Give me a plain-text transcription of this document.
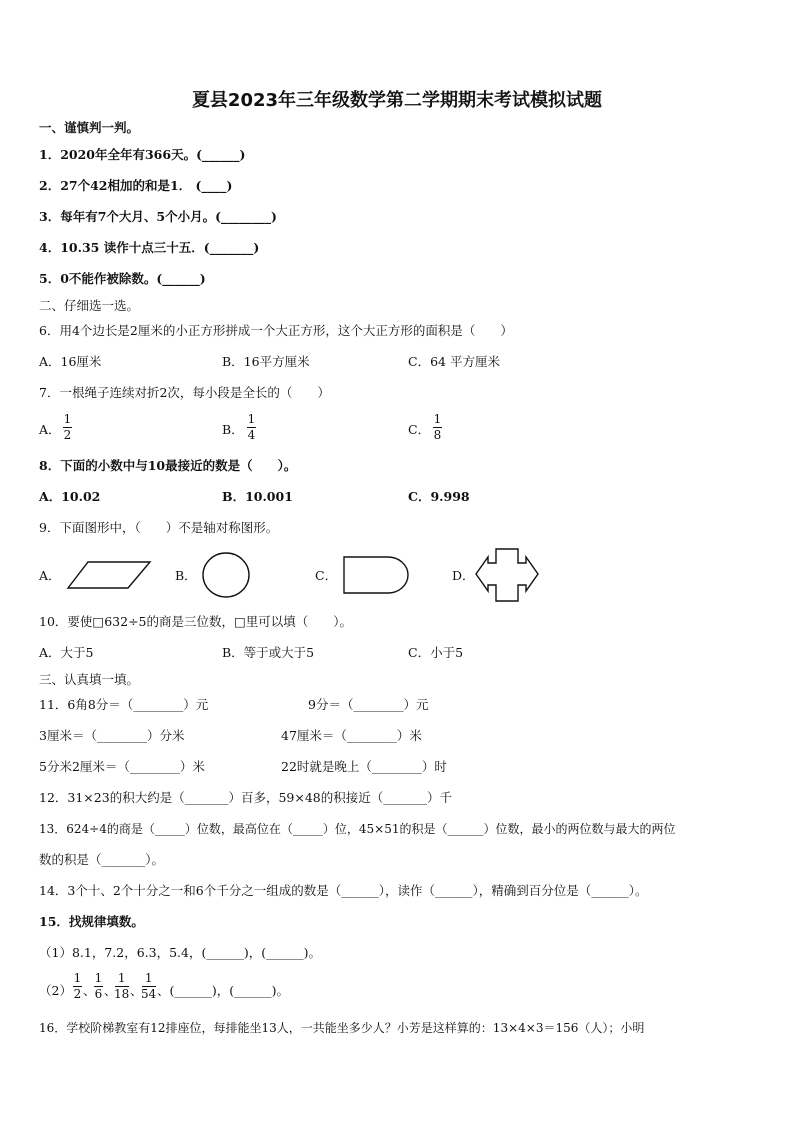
夏县2023年三年级数学第二学期期末考试模拟试题
一、谨慎判一判。
1．2020年全年有366天。(______)
2．27个42相加的和是1． (____)
3．每年有7个大月、5个小月。(________)
4．10.35 读作十点三十五．(_______)
5．0不能作被除数。(______)
二、仔细选一选。
6．用4个边长是2厘米的小正方形拼成一个大正方形，这个大正方形的面积是（　　）
A．16厘米	B．16平方厘米	C．64 平方厘米
7．一根绳子连续对折2次，每小段是全长的（　　）
A．
1
2	B．
1
4	C．
1
8
8．下面的小数中与10最接近的数是（　　）。
A．10.02	B．10.001	C．9.998
9．下面图形中，（　　）不是轴对称图形。
A．	B．	C．	D．
10．要使□632÷5的商是三位数，□里可以填（　　）。
A．大于5	B．等于或大于5	C．小于5
三、认真填一填。
11．6角8分＝（________）元	9分＝（________）元
3厘米＝（________）分米	47厘米＝（________）米
5分米2厘米＝（________）米	22时就是晚上（________）时
12．31×23的积大约是（_______）百多，59×48的积接近（_______）千
13．624÷4的商是（_____）位数，最高位在（_____）位，45×51的积是（______）位数，最小的两位数与最大的两位
数的积是（_______）。
14．3个十、2个十分之一和6个千分之一组成的数是（______），读作（______），精确到百分位是（______）。
15．找规律填数。
（1）8.1，7.2，6.3，5.4，(______)，(______)。
（2）
1
2 、
1
6 、
1
18 、
1
54 、(______)，(______)。
16．学校阶梯教室有12排座位，每排能坐13人，一共能坐多少人？小芳是这样算的：13×4×3＝156（人）；小明
